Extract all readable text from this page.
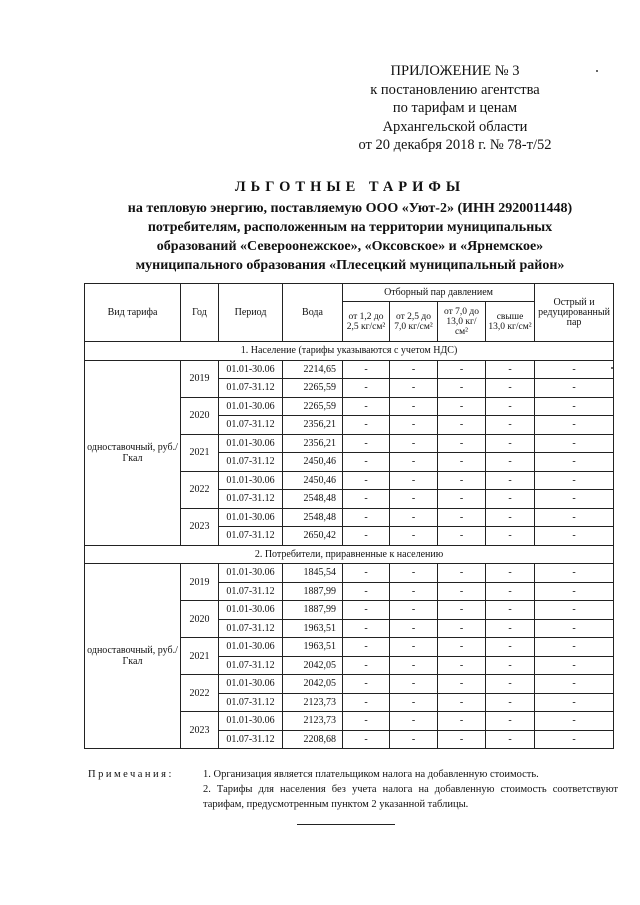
ПРИЛОЖЕНИЕ № 3
к постановлению агентства
по тарифам и ценам
Архангельской области
от 20 декабря 2018 г. № 78-т/52
ЛЬГОТНЫЕ ТАРИФЫ
на тепловую энергию, поставляемую ООО «Уют-2» (ИНН 2920011448)
потребителям, расположенным на территории муниципальных
образований «Североонежское», «Оксовское» и «Ярнемское»
муниципального образования «Плесецкий муниципальный район»
Вид тарифа	Год	Период	Вода	Отборный пар давлением				Острый и редуцированный пар
				от 1,2 до 2,5 кг/см²	от 2,5 до 7,0 кг/см²	от 7,0 до 13,0 кг/см²	свыше 13,0 кг/см²	
1. Население (тарифы указываются с учетом НДС)								
одноставочный, руб./Гкал	2019	01.01-30.06	2214,65	-	-	-	-	-
		01.07-31.12	2265,59	-	-	-	-	-
	2020	01.01-30.06	2265,59	-	-	-	-	-
		01.07-31.12	2356,21	-	-	-	-	-
	2021	01.01-30.06	2356,21	-	-	-	-	-
		01.07-31.12	2450,46	-	-	-	-	-
	2022	01.01-30.06	2450,46	-	-	-	-	-
		01.07-31.12	2548,48	-	-	-	-	-
	2023	01.01-30.06	2548,48	-	-	-	-	-
		01.07-31.12	2650,42	-	-	-	-	-
2. Потребители, приравненные к населению								
одноставочный, руб./Гкал	2019	01.01-30.06	1845,54	-	-	-	-	-
		01.07-31.12	1887,99	-	-	-	-	-
	2020	01.01-30.06	1887,99	-	-	-	-	-
		01.07-31.12	1963,51	-	-	-	-	-
	2021	01.01-30.06	1963,51	-	-	-	-	-
		01.07-31.12	2042,05	-	-	-	-	-
	2022	01.01-30.06	2042,05	-	-	-	-	-
		01.07-31.12	2123,73	-	-	-	-	-
	2023	01.01-30.06	2123,73	-	-	-	-	-
		01.07-31.12	2208,68	-	-	-	-	-
Примечания:	1. Организация является плательщиком налога на добавленную стоимость.
2. Тарифы для населения без учета налога на добавленную стоимость соответствуют тарифам, предусмотренным пунктом 2 указанной таблицы.
